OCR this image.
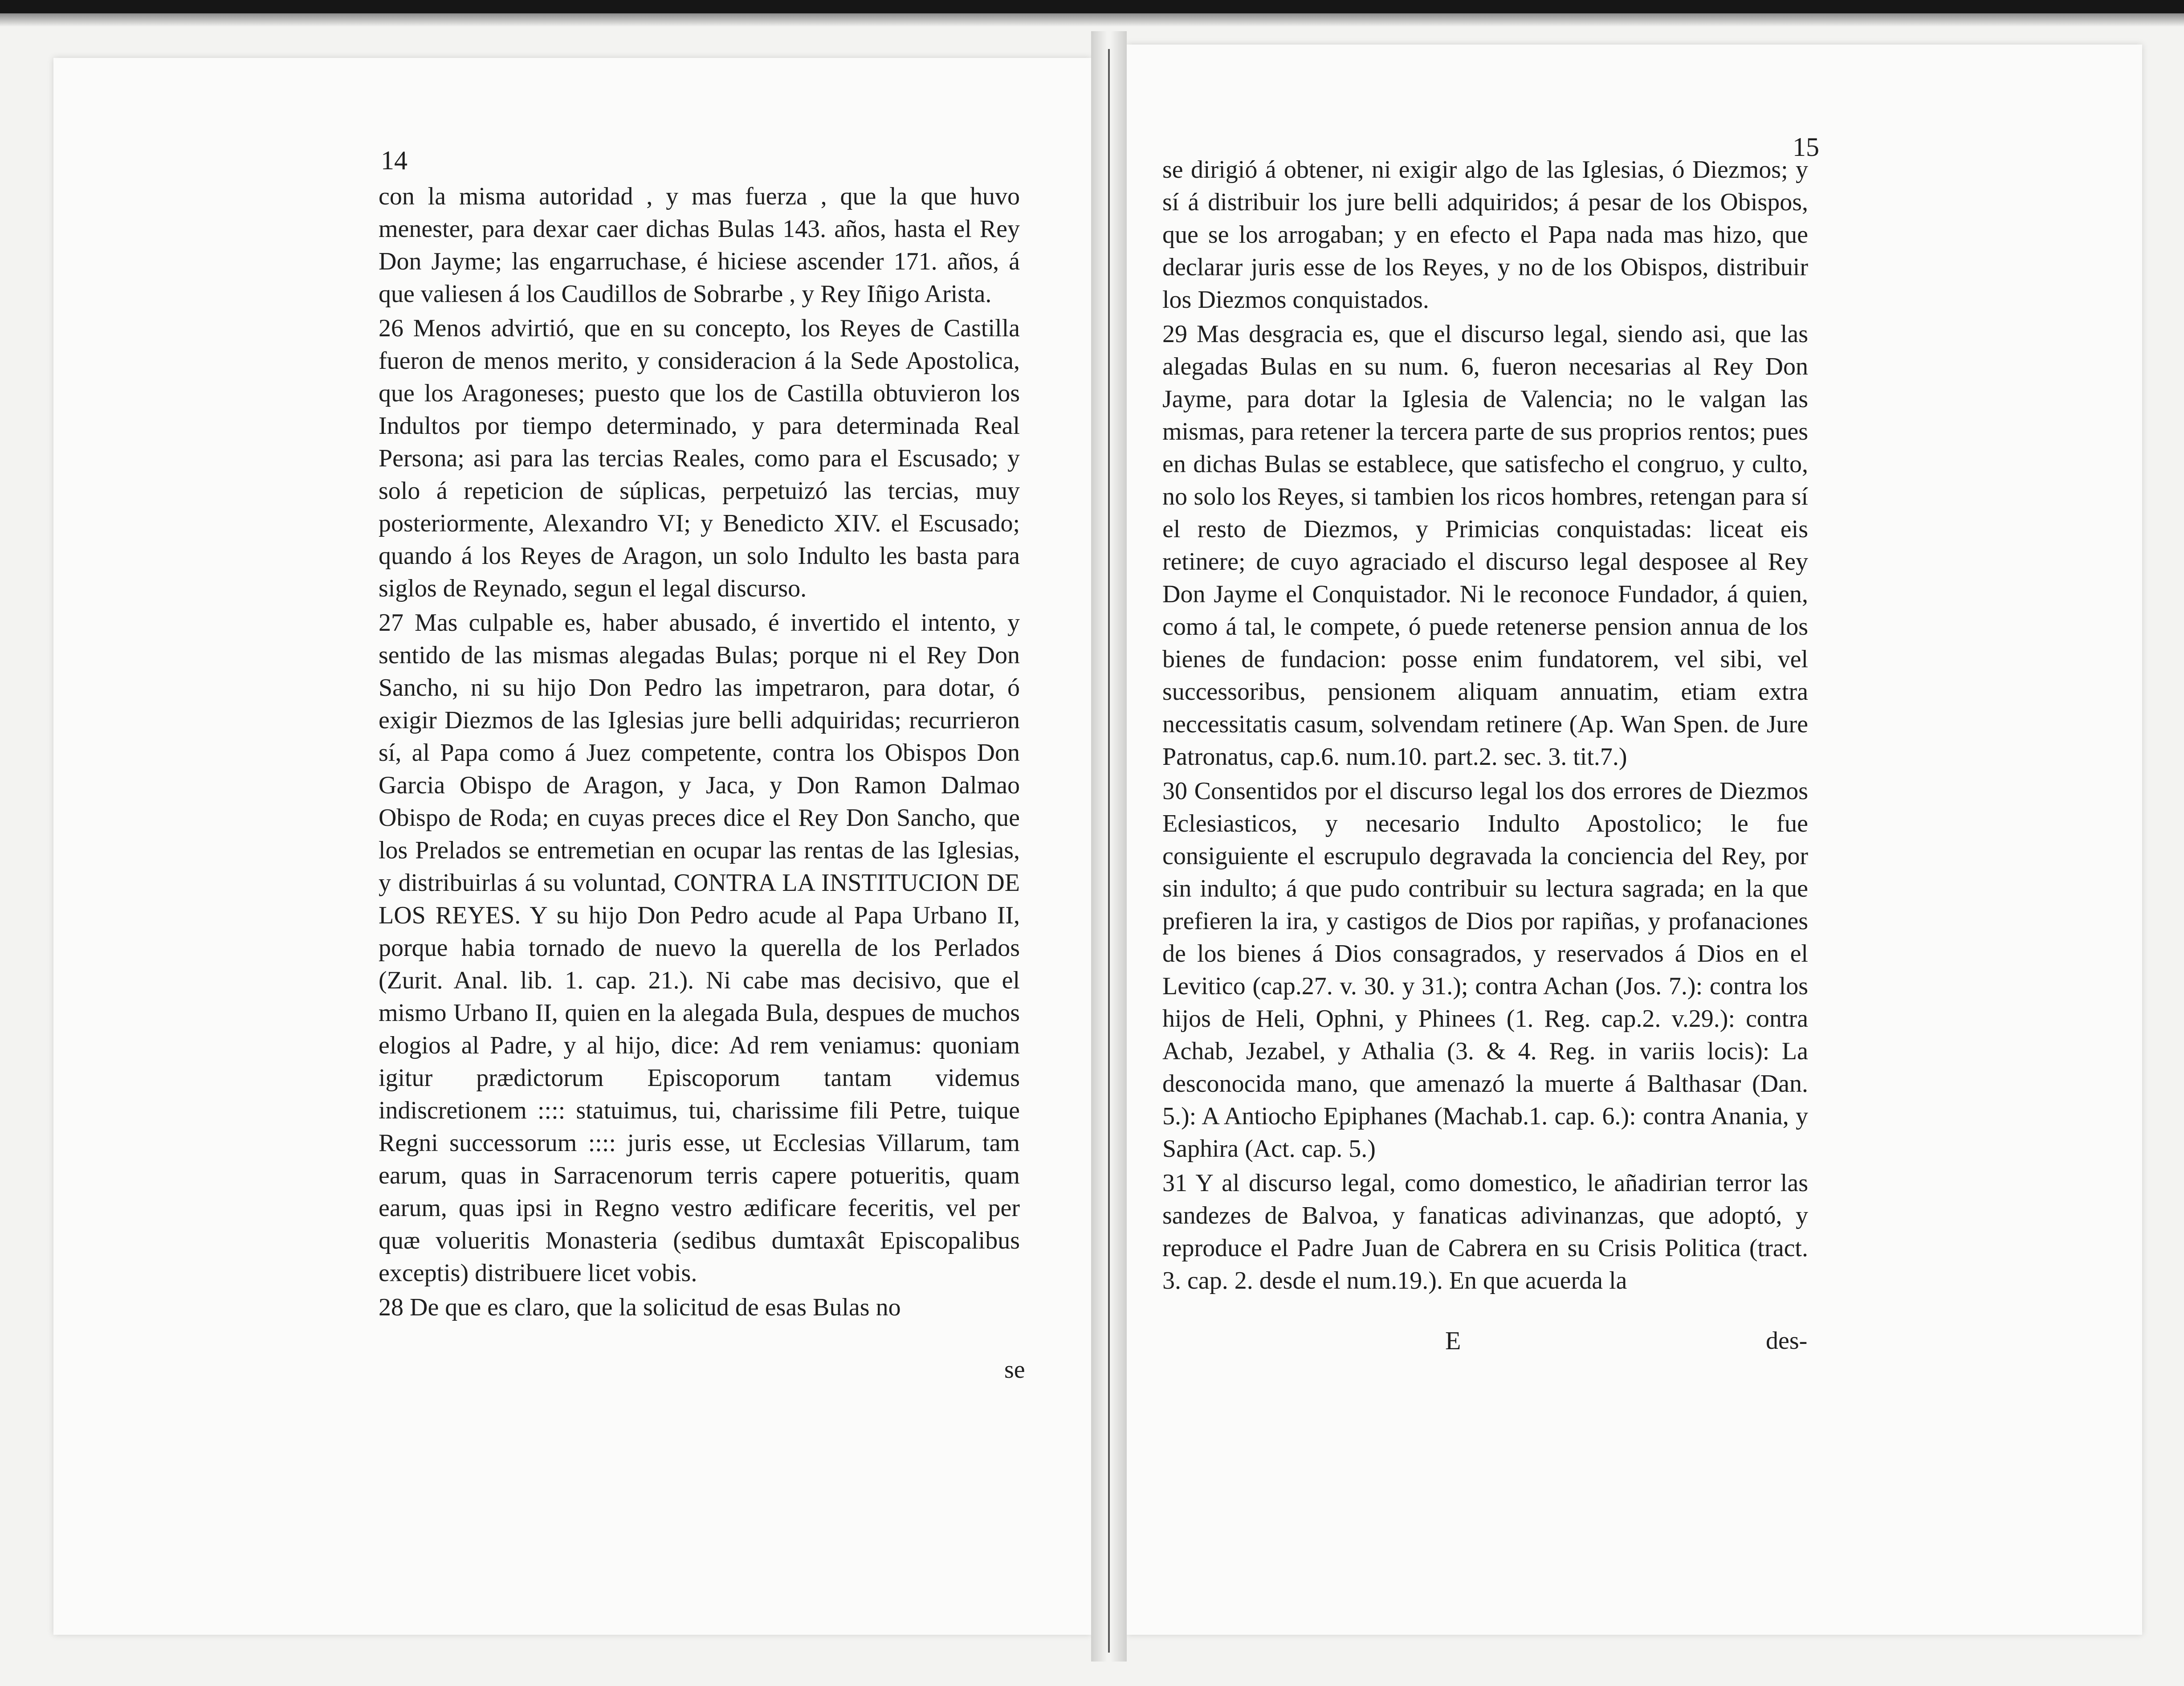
14

con la misma autoridad , y mas fuerza , que la que huvo menester, para dexar caer dichas Bulas 143. años, hasta el Rey Don Jayme; las engarruchase, é hiciese ascender 171. años, á que valiesen á los Caudillos de Sobrarbe , y Rey Iñigo Arista.

26 Menos advirtió, que en su concepto, los Reyes de Castilla fueron de menos merito, y consideracion á la Sede Apostolica, que los Aragoneses; puesto que los de Castilla obtuvieron los Indultos por tiempo determinado, y para determinada Real Persona; asi para las tercias Reales, como para el Escusado; y solo á repeticion de súplicas, perpetuizó las tercias, muy posteriormente, Alexandro VI; y Benedicto XIV. el Escusado; quando á los Reyes de Aragon, un solo Indulto les basta para siglos de Reynado, segun el legal discurso.

27 Mas culpable es, haber abusado, é invertido el intento, y sentido de las mismas alegadas Bulas; porque ni el Rey Don Sancho, ni su hijo Don Pedro las impetraron, para dotar, ó exigir Diezmos de las Iglesias jure belli adquiridas; recurrieron sí, al Papa como á Juez competente, contra los Obispos Don Garcia Obispo de Aragon, y Jaca, y Don Ramon Dalmao Obispo de Roda; en cuyas preces dice el Rey Don Sancho, que los Prelados se entremetian en ocupar las rentas de las Iglesias, y distribuirlas á su voluntad, CONTRA LA INSTITUCION DE LOS REYES. Y su hijo Don Pedro acude al Papa Urbano II, porque habia tornado de nuevo la querella de los Perlados (Zurit. Anal. lib. 1. cap. 21.). Ni cabe mas decisivo, que el mismo Urbano II, quien en la alegada Bula, despues de muchos elogios al Padre, y al hijo, dice: Ad rem veniamus: quoniam igitur prædictorum Episcoporum tantam videmus indiscretionem :::: statuimus, tui, charissime fili Petre, tuique Regni successorum :::: juris esse, ut Ecclesias Villarum, tam earum, quas in Sarracenorum terris capere potueritis, quam earum, quas ipsi in Regno vestro ædificare feceritis, vel per quæ volueritis Monasteria (sedibus dumtaxât Episcopalibus exceptis) distribuere licet vobis.

28 De que es claro, que la solicitud de esas Bulas no

se
15

se dirigió á obtener, ni exigir algo de las Iglesias, ó Diezmos; y sí á distribuir los jure belli adquiridos; á pesar de los Obispos, que se los arrogaban; y en efecto el Papa nada mas hizo, que declarar juris esse de los Reyes, y no de los Obispos, distribuir los Diezmos conquistados.

29 Mas desgracia es, que el discurso legal, siendo asi, que las alegadas Bulas en su num. 6, fueron necesarias al Rey Don Jayme, para dotar la Iglesia de Valencia; no le valgan las mismas, para retener la tercera parte de sus proprios rentos; pues en dichas Bulas se establece, que satisfecho el congruo, y culto, no solo los Reyes, si tambien los ricos hombres, retengan para sí el resto de Diezmos, y Primicias conquistadas: liceat eis retinere; de cuyo agraciado el discurso legal desposee al Rey Don Jayme el Conquistador. Ni le reconoce Fundador, á quien, como á tal, le compete, ó puede retenerse pension annua de los bienes de fundacion: posse enim fundatorem, vel sibi, vel successoribus, pensionem aliquam annuatim, etiam extra neccessitatis casum, solvendam retinere (Ap. Wan Spen. de Jure Patronatus, cap.6. num.10. part.2. sec. 3. tit.7.)

30 Consentidos por el discurso legal los dos errores de Diezmos Eclesiasticos, y necesario Indulto Apostolico; le fue consiguiente el escrupulo degravada la conciencia del Rey, por sin indulto; á que pudo contribuir su lectura sagrada; en la que prefieren la ira, y castigos de Dios por rapiñas, y profanaciones de los bienes á Dios consagrados, y reservados á Dios en el Levitico (cap.27. v. 30. y 31.); contra Achan (Jos. 7.): contra los hijos de Heli, Ophni, y Phinees (1. Reg. cap.2. v.29.): contra Achab, Jezabel, y Athalia (3. & 4. Reg. in variis locis): La desconocida mano, que amenazó la muerte á Balthasar (Dan. 5.): A Antiocho Epiphanes (Machab.1. cap. 6.): contra Anania, y Saphira (Act. cap. 5.)

31 Y al discurso legal, como domestico, le añadirian terror las sandezes de Balvoa, y fanaticas adivinanzas, que adoptó, y reproduce el Padre Juan de Cabrera en su Crisis Politica (tract. 3. cap. 2. desde el num.19.). En que acuerda la

E	des-
